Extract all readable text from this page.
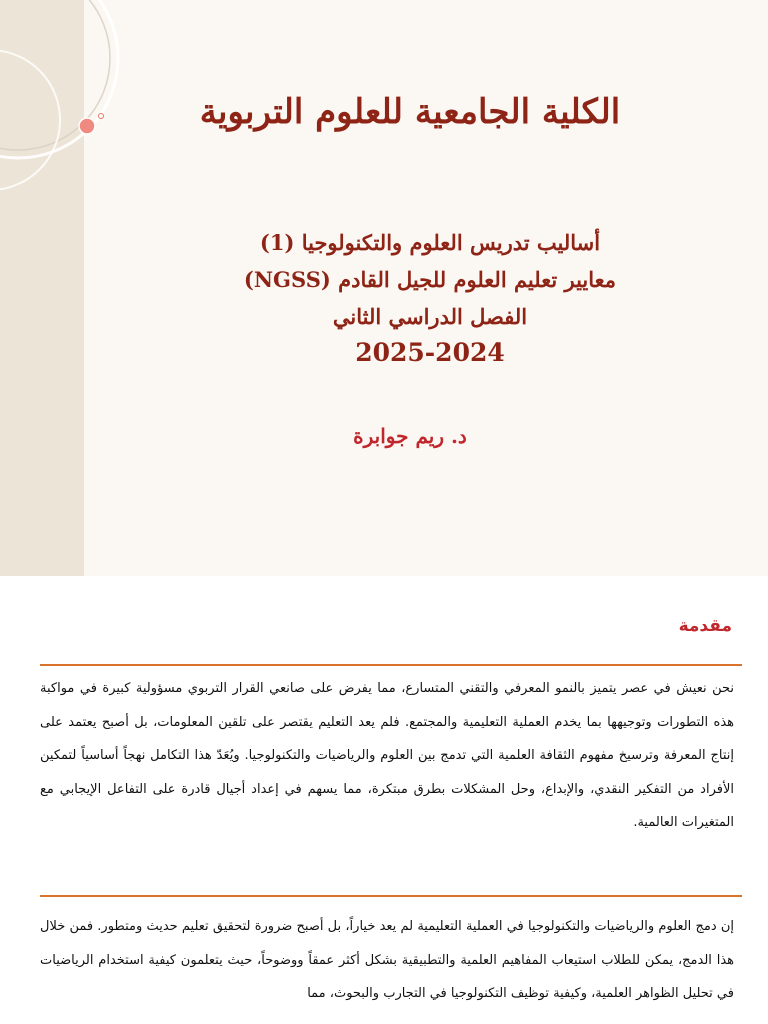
الكلية الجامعية للعلوم التربوية
أساليب تدريس العلوم والتكنولوجيا (1)
معايير تعليم العلوم للجيل القادم (NGSS)
الفصل الدراسي الثاني
2025-2024
د. ريم جوابرة
مقدمة

نحن نعيش في عصر يتميز بالنمو المعرفي والتقني المتسارع، مما يفرض على صانعي القرار التربوي مسؤولية كبيرة في مواكبة هذه التطورات وتوجيهها بما يخدم العملية التعليمية والمجتمع. فلم يعد التعليم يقتصر على تلقين المعلومات، بل أصبح يعتمد على إنتاج المعرفة وترسيخ مفهوم الثقافة العلمية التي تدمج بين العلوم والرياضيات والتكنولوجيا. ويُعَدّ هذا التكامل نهجاً أساسياً لتمكين الأفراد من التفكير النقدي، والإبداع، وحل المشكلات بطرق مبتكرة، مما يسهم في إعداد أجيال قادرة على التفاعل الإيجابي مع المتغيرات العالمية.

إن دمج العلوم والرياضيات والتكنولوجيا في العملية التعليمية لم يعد خياراً، بل أصبح ضرورة لتحقيق تعليم حديث ومتطور. فمن خلال هذا الدمج، يمكن للطلاب استيعاب المفاهيم العلمية والتطبيقية بشكل أكثر عمقاً ووضوحاً، حيث يتعلمون كيفية استخدام الرياضيات في تحليل الظواهر العلمية، وكيفية توظيف التكنولوجيا في التجارب والبحوث، مما
